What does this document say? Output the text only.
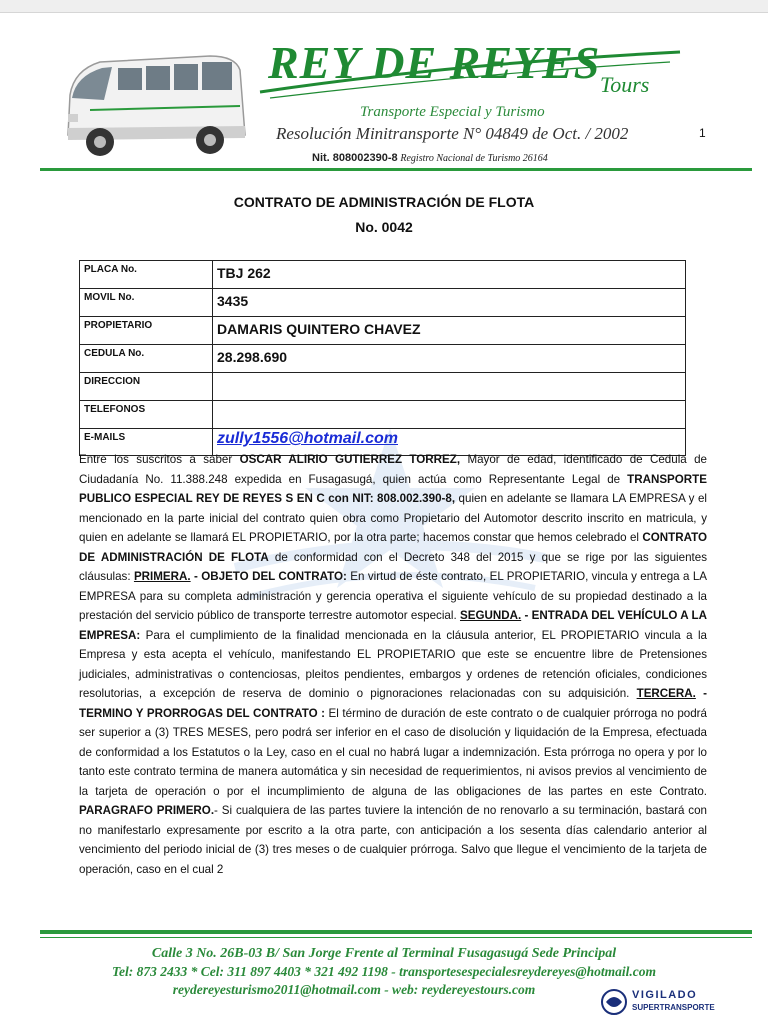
REY DE REYES Tours
Transporte Especial y Turismo
Resolución Minitransporte N° 04849 de Oct. / 2002
Nit. 808002390-8 Registro Nacional de Turismo 26164
1
CONTRATO DE ADMINISTRACIÓN DE FLOTA
No. 0042
PLACA No.	TBJ 262
MOVIL No.	3435
PROPIETARIO	DAMARIS QUINTERO CHAVEZ
CEDULA No.	28.298.690
DIRECCION	
TELEFONOS	
E-MAILS	zully1556@hotmail.com

Entre los suscritos a saber OSCAR ALIRIO GUTIERREZ TORREZ, Mayor de edad, identificado de Cedula de Ciudadanía No. 11.388.248 expedida en Fusagasugá, quien actúa como Representante Legal de TRANSPORTE PUBLICO ESPECIAL REY DE REYES S EN C con NIT: 808.002.390-8, quien en adelante se llamara LA EMPRESA y el mencionado en la parte inicial del contrato quien obra como Propietario del Automotor descrito inscrito en matricula, y quien en adelante se llamará EL PROPIETARIO, por la otra parte; hacemos constar que hemos celebrado el CONTRATO DE ADMINISTRACIÓN DE FLOTA de conformidad con el Decreto 348 del 2015 y que se rige por las siguientes cláusulas: PRIMERA. - OBJETO DEL CONTRATO: En virtud de éste contrato, EL PROPIETARIO, vincula y entrega a LA EMPRESA para su completa administración y gerencia operativa el siguiente vehículo de su propiedad destinado a la prestación del servicio público de transporte terrestre automotor especial. SEGUNDA. - ENTRADA DEL VEHÍCULO A LA EMPRESA: Para el cumplimiento de la finalidad mencionada en la cláusula anterior, EL PROPIETARIO vincula a la Empresa y esta acepta el vehículo, manifestando EL PROPIETARIO que este se encuentre libre de Pretensiones judiciales, administrativas o contenciosas, pleitos pendientes, embargos y ordenes de retención oficiales, condiciones resolutorias, a excepción de reserva de dominio o pignoraciones relacionadas con su adquisición. TERCERA. - TERMINO Y PRORROGAS DEL CONTRATO : El término de duración de este contrato o de cualquier prórroga no podrá ser superior a (3) TRES MESES, pero podrá ser inferior en el caso de disolución y liquidación de la Empresa, efectuada de conformidad a los Estatutos o la Ley, caso en el cual no habrá lugar a indemnización. Esta prórroga no opera y por lo tanto este contrato termina de manera automática y sin necesidad de requerimientos, ni avisos previos al vencimiento de la tarjeta de operación o por el incumplimiento de alguna de las obligaciones de las partes en este Contrato. PARAGRAFO PRIMERO.- Si cualquiera de las partes tuviere la intención de no renovarlo a su terminación, bastará con no manifestarlo expresamente por escrito a la otra parte, con anticipación a los sesenta días calendario anterior al vencimiento del periodo inicial de (3) tres meses o de cualquier prórroga. Salvo que llegue el vencimiento de la tarjeta de operación, caso en el cual 2

Calle 3 No. 26B-03 B/ San Jorge Frente al Terminal Fusagasugá Sede Principal
Tel: 873 2433 * Cel: 311 897 4403 * 321 492 1198 - transportesespecialesreydereyes@hotmail.com
reydereyesturismo2011@hotmail.com - web: reydereyestours.com	VIGILADO
SUPERTRANSPORTE
